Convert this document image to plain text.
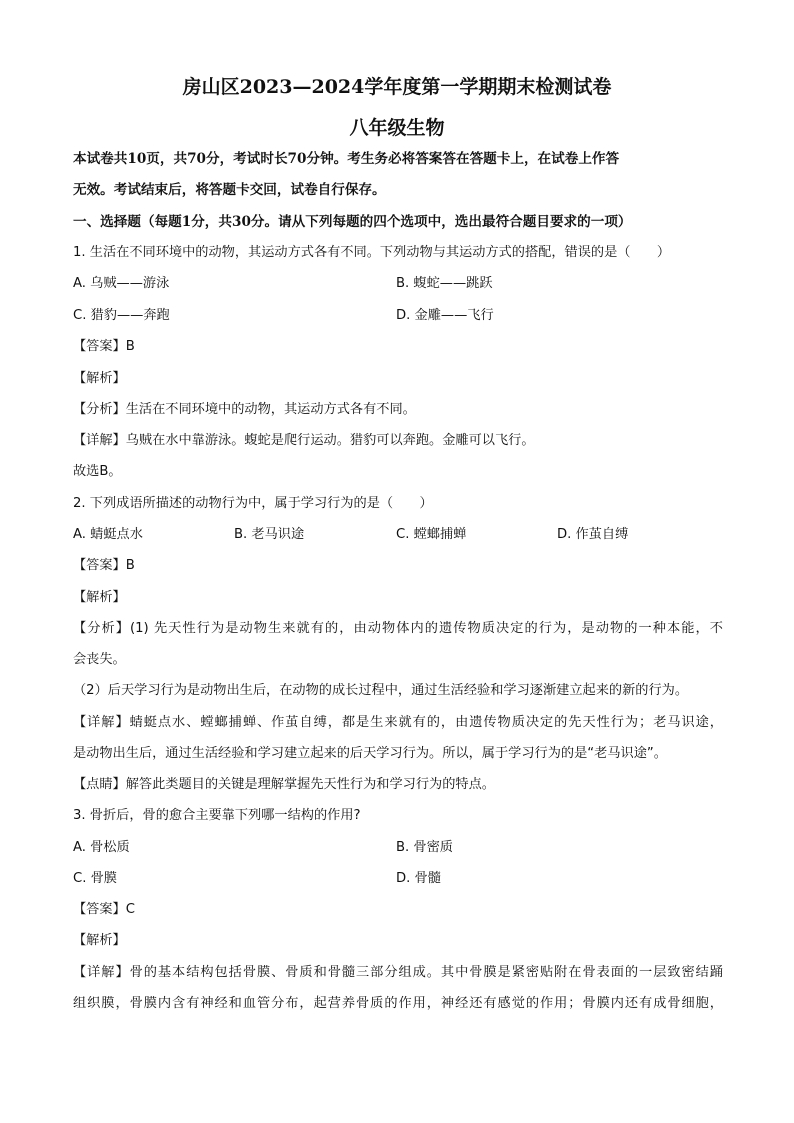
房山区2023—2024学年度第一学期期末检测试卷
八年级生物
本试卷共10页，共70分，考试时长70分钟。考生务必将答案答在答题卡上，在试卷上作答
无效。考试结束后，将答题卡交回，试卷自行保存。
一、选择题（每题1分，共30分。请从下列每题的四个选项中，选出最符合题目要求的一项）
1. 生活在不同环境中的动物，其运动方式各有不同。下列动物与其运动方式的搭配，错误的是（　　）
A. 乌贼——游泳	B. 蝮蛇——跳跃
C. 猎豹——奔跑	D. 金雕——飞行
【答案】B
【解析】
【分析】生活在不同环境中的动物，其运动方式各有不同。
【详解】乌贼在水中靠游泳。蝮蛇是爬行运动。猎豹可以奔跑。金雕可以飞行。
故选B。
2. 下列成语所描述的动物行为中，属于学习行为的是（　　）
A. 蜻蜓点水	B. 老马识途	C. 螳螂捕蝉	D. 作茧自缚
【答案】B
【解析】
【分析】(1) 先天性行为是动物生来就有的，由动物体内的遗传物质决定的行为，是动物的一种本能，不
会丧失。
（2）后天学习行为是动物出生后，在动物的成长过程中，通过生活经验和学习逐渐建立起来的新的行为。
【详解】蜻蜓点水、螳螂捕蝉、作茧自缚，都是生来就有的，由遗传物质决定的先天性行为；老马识途，
是动物出生后，通过生活经验和学习建立起来的后天学习行为。所以，属于学习行为的是“老马识途”。
【点睛】解答此类题目的关键是理解掌握先天性行为和学习行为的特点。
3. 骨折后，骨的愈合主要靠下列哪一结构的作用?
A. 骨松质	B. 骨密质
C. 骨膜	D. 骨髓
【答案】C
【解析】
【详解】骨的基本结构包括骨膜、骨质和骨髓三部分组成。其中骨膜是紧密贴附在骨表面的一层致密结踊
组织膜，骨膜内含有神经和血管分布，起营养骨质的作用，神经还有感觉的作用；骨膜内还有成骨细胞，
